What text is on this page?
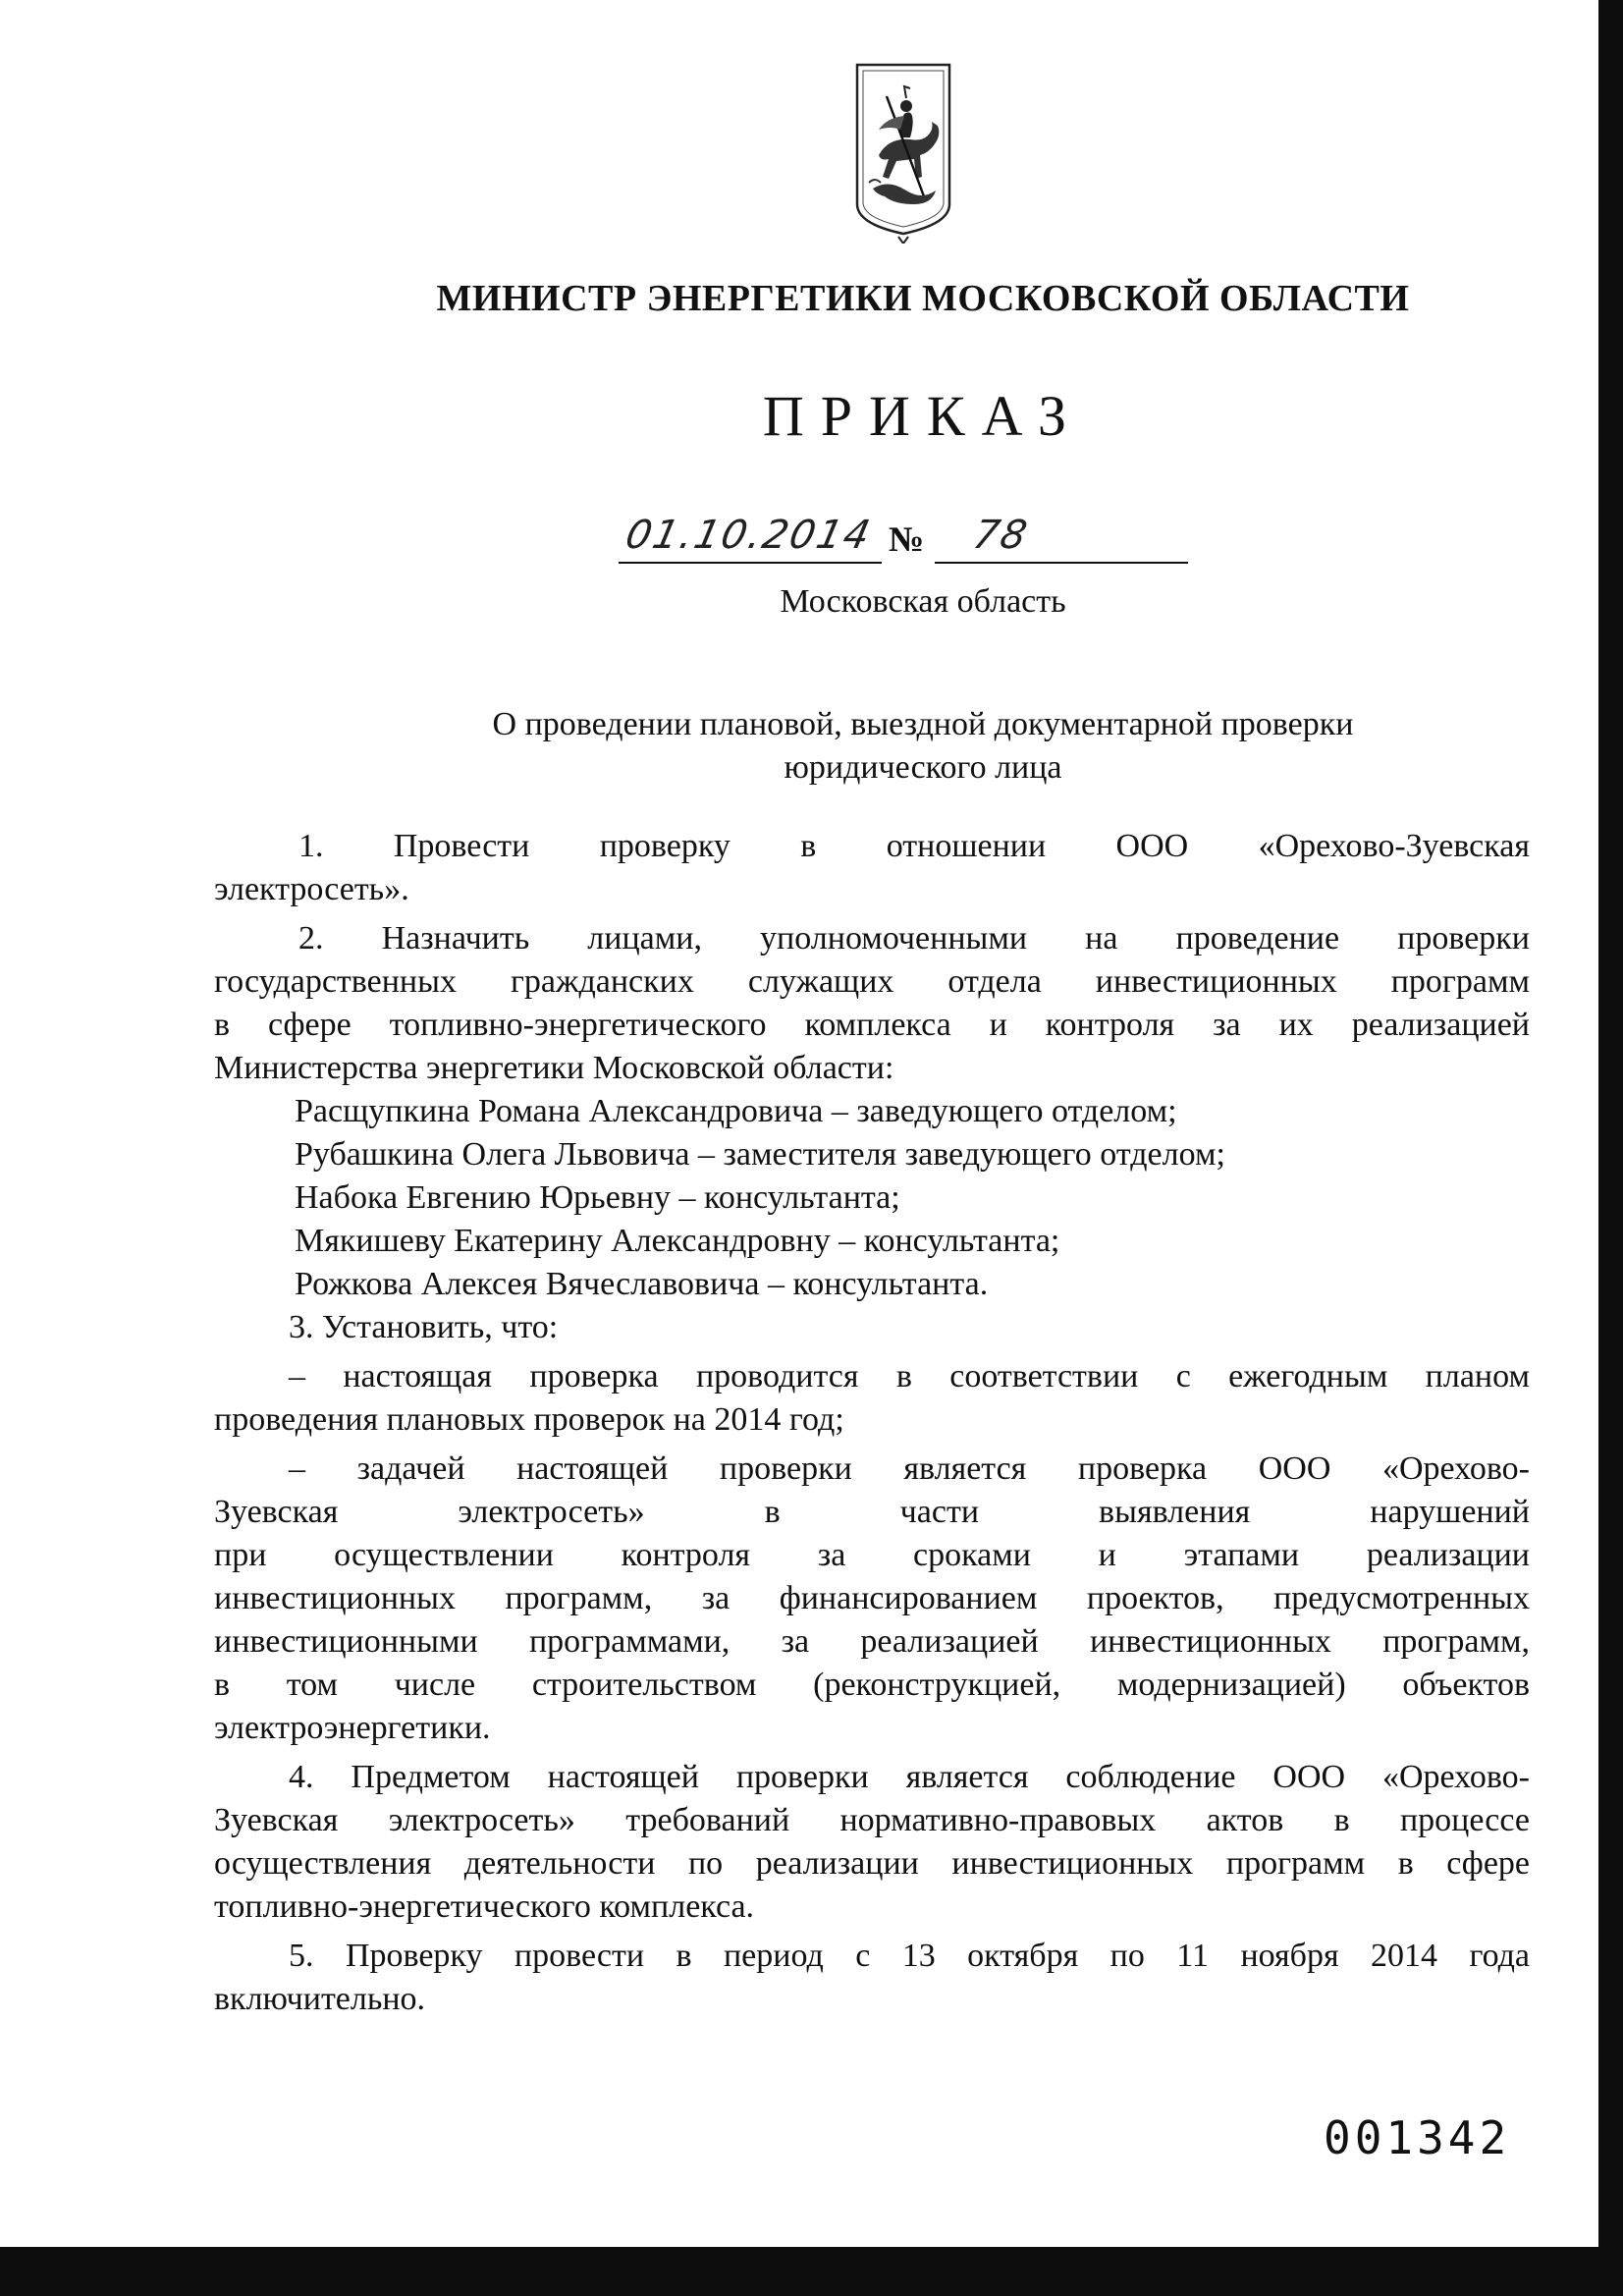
МИНИСТР ЭНЕРГЕТИКИ МОСКОВСКОЙ ОБЛАСТИ
ПРИКАЗ
01.10.2014 № 78
Московская область
О проведении плановой, выездной документарной проверки
юридического лица
1. Провести проверку в отношении ООО «Орехово-Зуевская
электросеть».
2. Назначить лицами, уполномоченными на проведение проверки
государственных гражданских служащих отдела инвестиционных программ
в сфере топливно-энергетического комплекса и контроля за их реализацией
Министерства энергетики Московской области:
Расщупкина Романа Александровича – заведующего отделом;
Рубашкина Олега Львовича – заместителя заведующего отделом;
Набока Евгению Юрьевну – консультанта;
Мякишеву Екатерину Александровну – консультанта;
Рожкова Алексея Вячеславовича – консультанта.
3. Установить, что:
– настоящая проверка проводится в соответствии с ежегодным планом
проведения плановых проверок на 2014 год;
– задачей настоящей проверки является проверка ООО «Орехово-
Зуевская электросеть» в части выявления нарушений
при осуществлении контроля за сроками и этапами реализации
инвестиционных программ, за финансированием проектов, предусмотренных
инвестиционными программами, за реализацией инвестиционных программ,
в том числе строительством (реконструкцией, модернизацией) объектов
электроэнергетики.
4. Предметом настоящей проверки является соблюдение ООО «Орехово-
Зуевская электросеть» требований нормативно-правовых актов в процессе
осуществления деятельности по реализации инвестиционных программ в сфере
топливно-энергетического комплекса.
5. Проверку провести в период с 13 октября по 11 ноября 2014 года
включительно.
001342
